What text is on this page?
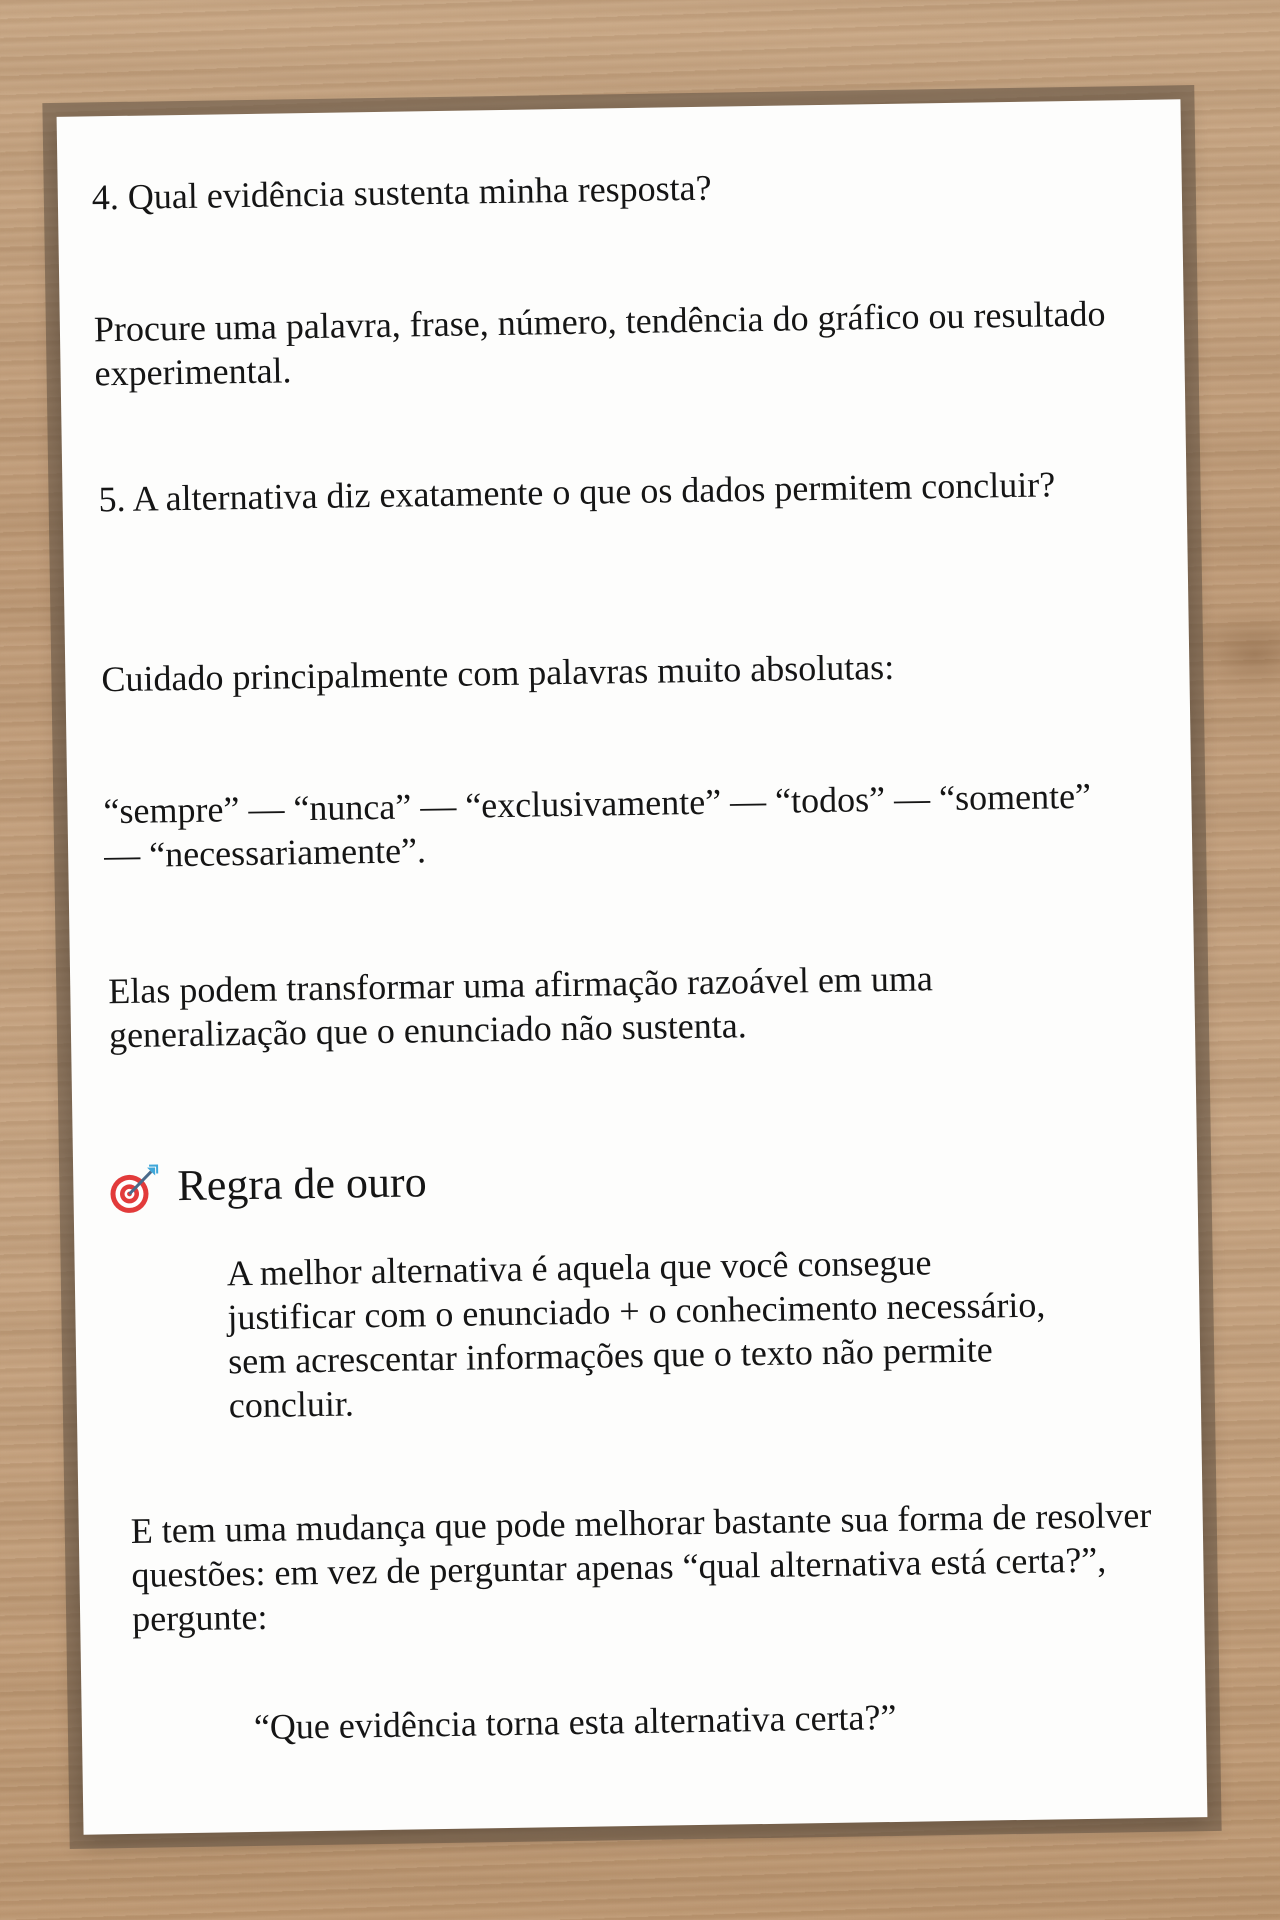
4. Qual evidência sustenta minha resposta?

Procure uma palavra, frase, número, tendência do gráfico ou resultado experimental.

5. A alternativa diz exatamente o que os dados permitem concluir?

Cuidado principalmente com palavras muito absolutas:

“sempre” — “nunca” — “exclusivamente” — “todos” — “somente” — “necessariamente”.

Elas podem transformar uma afirmação razoável em uma generalização que o enunciado não sustenta.

Regra de ouro

A melhor alternativa é aquela que você consegue justificar com o enunciado + o conhecimento necessário, sem acrescentar informações que o texto não permite concluir.

E tem uma mudança que pode melhorar bastante sua forma de resolver questões: em vez de perguntar apenas “qual alternativa está certa?”, pergunte:

“Que evidência torna esta alternativa certa?”
